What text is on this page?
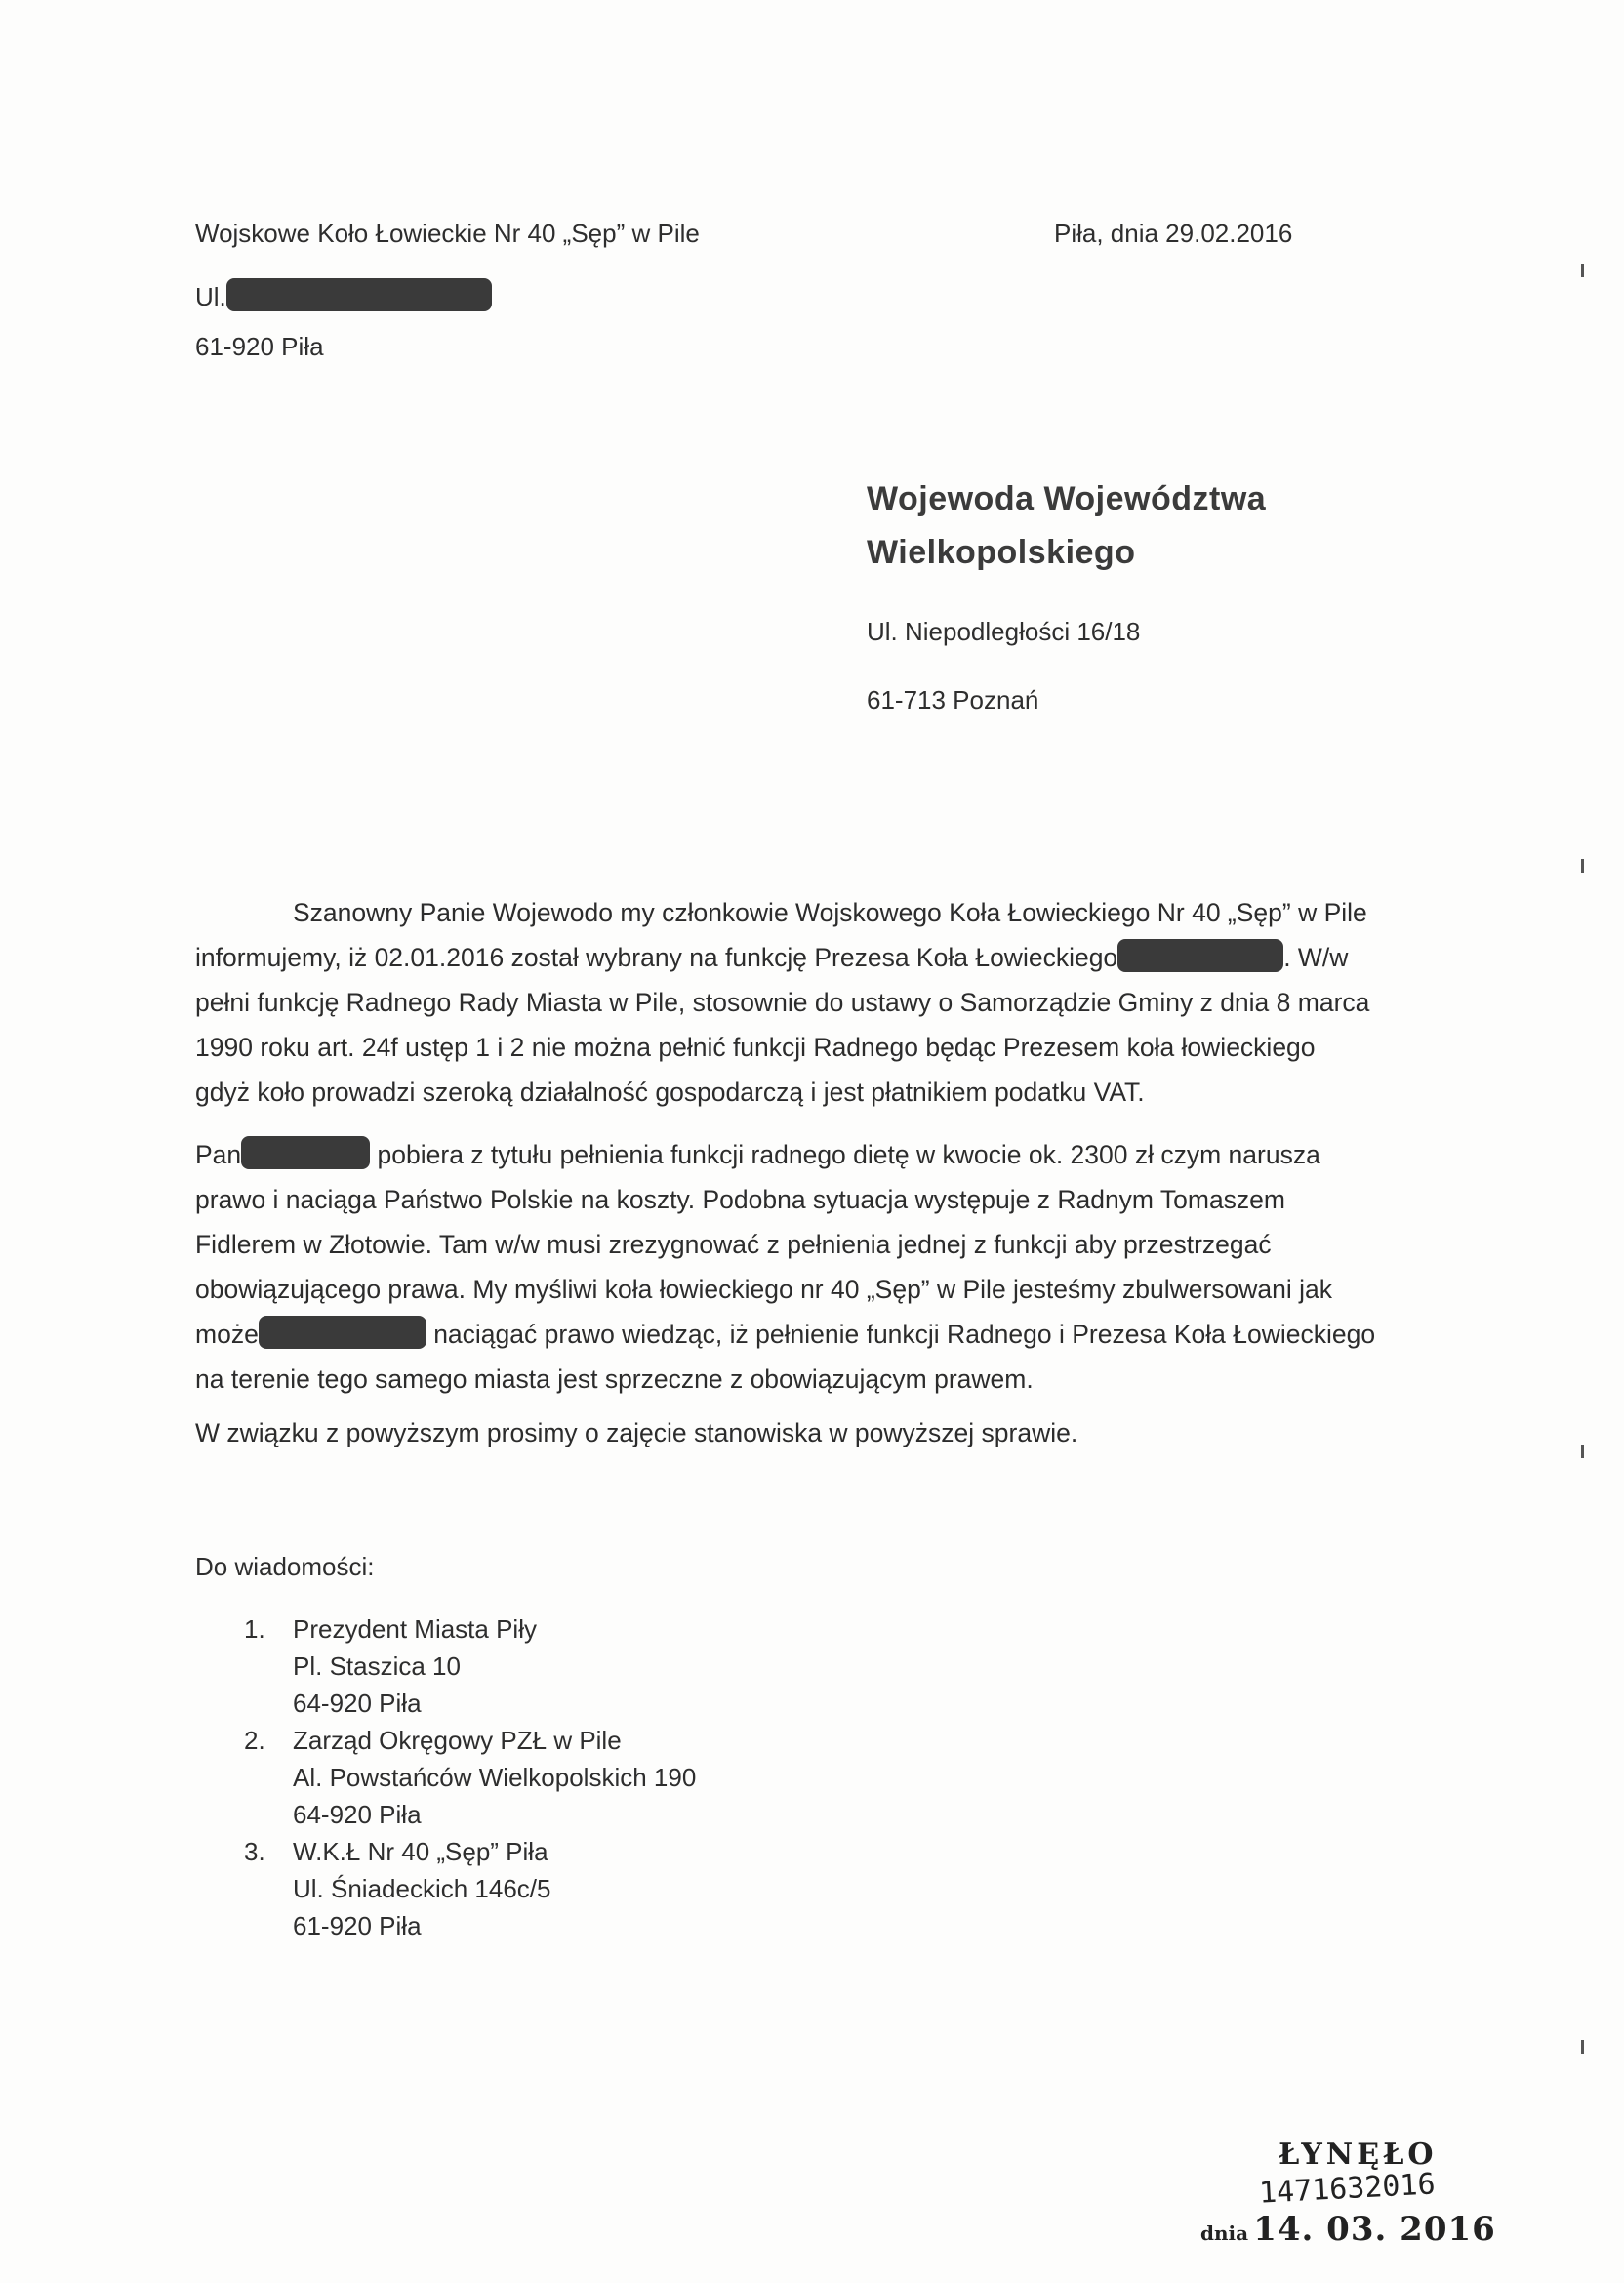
Wojskowe Koło Łowieckie Nr 40 „Sęp” w Pile
Ul.
61-920 Piła
Piła, dnia 29.02.2016
Wojewoda Województwa
Wielkopolskiego
Ul. Niepodległości 16/18
61-713 Poznań
Szanowny Panie Wojewodo my członkowie Wojskowego Koła Łowieckiego Nr 40 „Sęp” w Pile
informujemy, iż 02.01.2016 został wybrany na funkcję Prezesa Koła Łowieckiego	. W/w
pełni funkcję Radnego Rady Miasta w Pile, stosownie do ustawy o Samorządzie Gminy z dnia 8 marca
1990 roku art. 24f ustęp 1 i 2 nie można pełnić funkcji Radnego będąc Prezesem koła łowieckiego
gdyż koło prowadzi szeroką działalność gospodarczą i jest płatnikiem podatku VAT.
Pan	pobiera z tytułu pełnienia funkcji radnego dietę w kwocie ok. 2300 zł czym narusza
prawo i naciąga Państwo Polskie na koszty. Podobna sytuacja występuje z Radnym Tomaszem
Fidlerem w Złotowie. Tam w/w musi zrezygnować z pełnienia jednej z funkcji aby przestrzegać
obowiązującego prawa. My myśliwi koła łowieckiego nr 40 „Sęp” w Pile jesteśmy zbulwersowani jak
może	naciągać prawo wiedząc, iż pełnienie funkcji Radnego i Prezesa Koła Łowieckiego
na terenie tego samego miasta jest sprzeczne z obowiązującym prawem.
W związku z powyższym prosimy o zajęcie stanowiska w powyższej sprawie.
Do wiadomości:
1.	Prezydent Miasta Piły
Pl. Staszica 10
64-920 Piła
2.	Zarząd Okręgowy PZŁ w Pile
Al. Powstańców Wielkopolskich 190
64-920 Piła
3.	W.K.Ł Nr 40 „Sęp” Piła
Ul. Śniadeckich 146c/5
61-920 Piła
ŁYNĘŁO
1471632016
dnia 14. 03. 2016
